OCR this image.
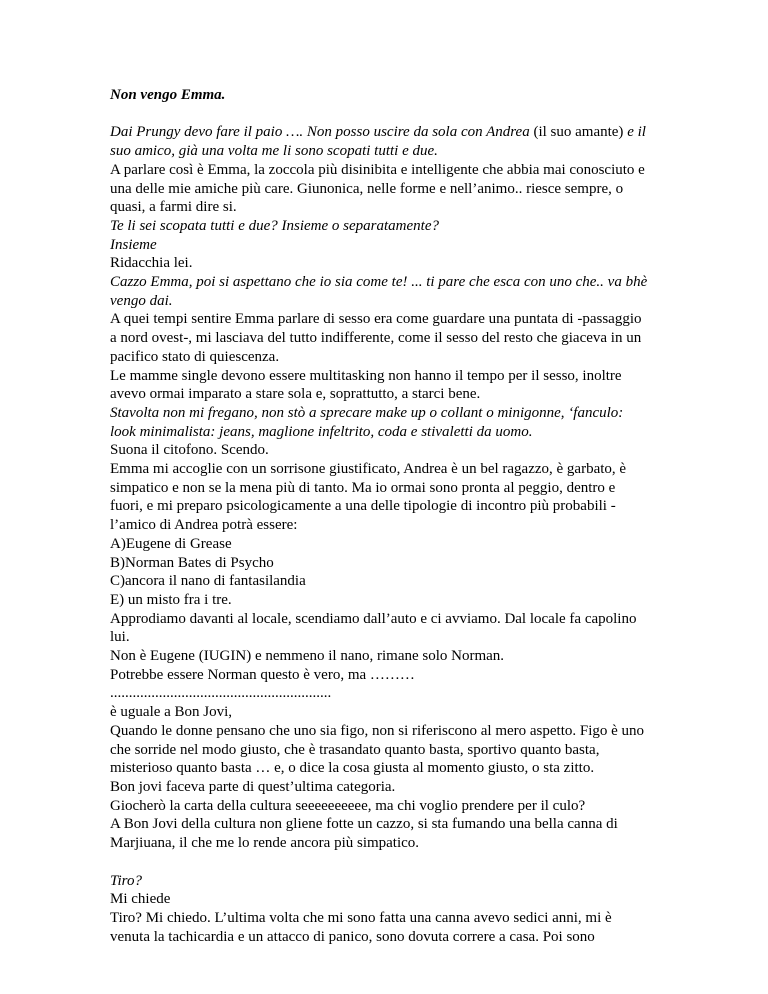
Non vengo Emma.
Dai Prungy devo fare il paio …. Non posso uscire da sola con Andrea (il suo amante) e il
suo amico, già una volta me li sono scopati tutti e due.
A parlare così è Emma, la zoccola più disinibita e intelligente che abbia mai conosciuto e
una delle mie amiche più care. Giunonica, nelle forme e nell’animo.. riesce sempre, o
quasi, a farmi dire si.
Te li sei scopata tutti e due? Insieme o separatamente?
Insieme
Ridacchia lei.
Cazzo Emma, poi si aspettano che io sia come te! ... ti pare che esca con uno che.. va bhè
vengo dai.
A quei tempi sentire Emma parlare di sesso era come guardare una puntata di -passaggio
a nord ovest-, mi lasciava del tutto indifferente, come il sesso del resto che giaceva in un
pacifico stato di quiescenza.
Le mamme single devono essere multitasking non hanno il tempo per il sesso, inoltre
avevo ormai imparato a stare sola e, soprattutto, a starci bene.
Stavolta non mi fregano, non stò a sprecare make up o collant o minigonne, ‘fanculo:
look minimalista: jeans, maglione infeltrito, coda e stivaletti da uomo.
Suona il citofono. Scendo.
Emma mi accoglie con un sorrisone giustificato, Andrea è un bel ragazzo, è garbato, è
simpatico e non se la mena più di tanto. Ma io ormai sono pronta al peggio, dentro e
fuori, e mi preparo psicologicamente a una delle tipologie di incontro più probabili -
l’amico di Andrea potrà essere:
A)Eugene di Grease
B)Norman Bates di Psycho
C)ancora il nano di fantasilandia
E) un misto fra i tre.
Approdiamo davanti al locale, scendiamo dall’auto e ci avviamo. Dal locale fa capolino
lui.
Non è Eugene (IUGIN) e nemmeno il nano, rimane solo Norman.
Potrebbe essere Norman questo è vero, ma ………
...........................................................
è uguale a Bon Jovi,
Quando le donne pensano che uno sia figo, non si riferiscono al mero aspetto. Figo è uno
che sorride nel modo giusto, che è trasandato quanto basta, sportivo quanto basta,
misterioso quanto basta … e, o dice la cosa giusta al momento giusto, o sta zitto.
Bon jovi faceva parte di quest’ultima categoria.
Giocherò la carta della cultura seeeeeeeeee, ma chi voglio prendere per il culo?
A Bon Jovi della cultura non gliene fotte un cazzo, si sta fumando una bella canna di
Marjiuana, il che me lo rende ancora più simpatico.
Tiro?
Mi chiede
Tiro? Mi chiedo. L’ultima volta che mi sono fatta una canna avevo sedici anni, mi è
venuta la tachicardia e un attacco di panico, sono dovuta correre a casa. Poi sono
